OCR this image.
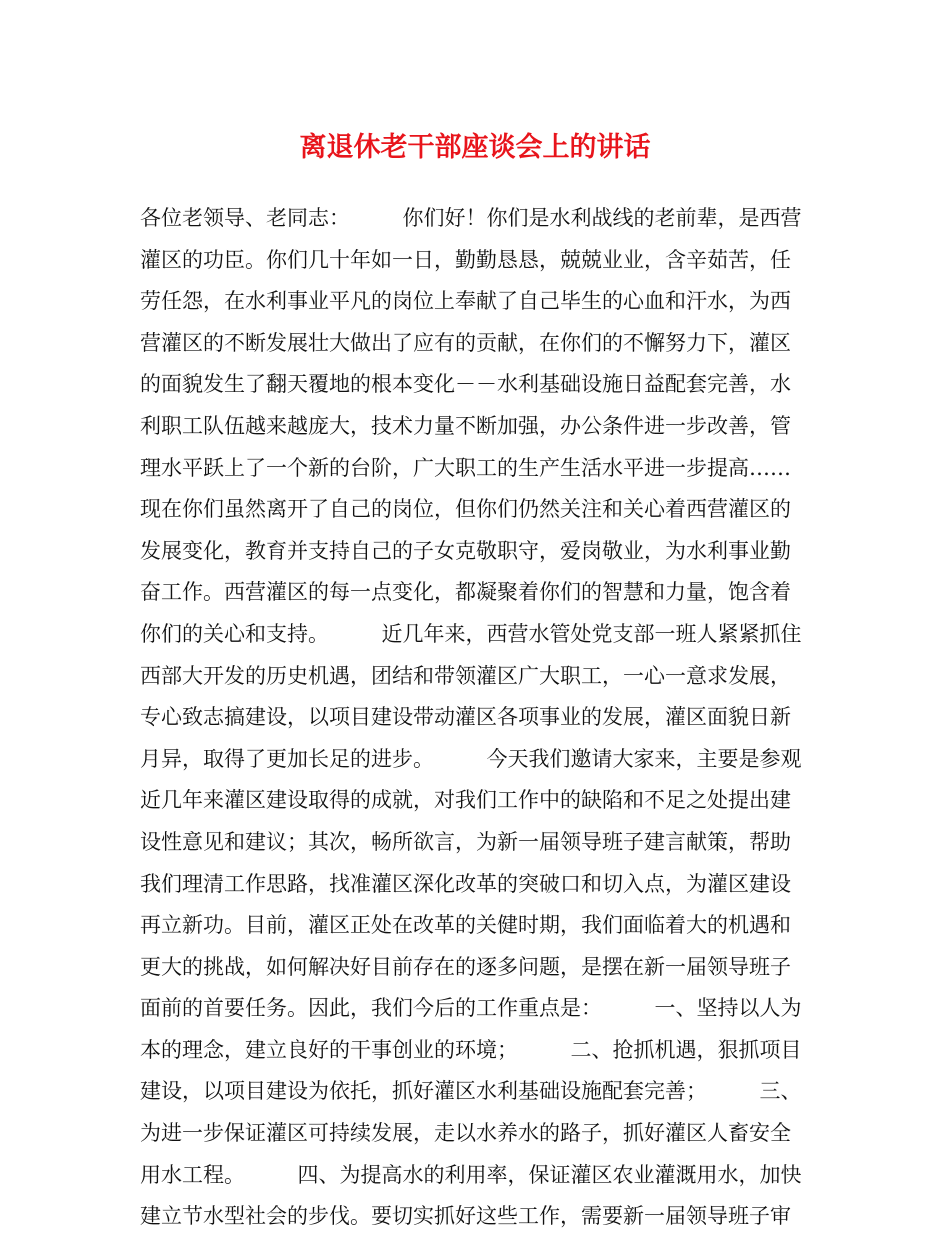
离退休老干部座谈会上的讲话
各位老领导、老同志：　　　你们好！你们是水利战线的老前辈，是西营
灌区的功臣。你们几十年如一日，勤勤恳恳，兢兢业业，含辛茹苦，任
劳任怨，在水利事业平凡的岗位上奉献了自己毕生的心血和汗水，为西
营灌区的不断发展壮大做出了应有的贡献，在你们的不懈努力下，灌区
的面貌发生了翻天覆地的根本变化－－水利基础设施日益配套完善，水
利职工队伍越来越庞大，技术力量不断加强，办公条件进一步改善，管
理水平跃上了一个新的台阶，广大职工的生产生活水平进一步提高……
现在你们虽然离开了自己的岗位，但你们仍然关注和关心着西营灌区的
发展变化，教育并支持自己的子女克敬职守，爱岗敬业，为水利事业勤
奋工作。西营灌区的每一点变化，都凝聚着你们的智慧和力量，饱含着
你们的关心和支持。　　　近几年来，西营水管处党支部一班人紧紧抓住
西部大开发的历史机遇，团结和带领灌区广大职工，一心一意求发展，
专心致志搞建设，以项目建设带动灌区各项事业的发展，灌区面貌日新
月异，取得了更加长足的进步。　　　今天我们邀请大家来，主要是参观
近几年来灌区建设取得的成就，对我们工作中的缺陷和不足之处提出建
设性意见和建议；其次，畅所欲言，为新一届领导班子建言献策，帮助
我们理清工作思路，找准灌区深化改革的突破口和切入点，为灌区建设
再立新功。目前，灌区正处在改革的关健时期，我们面临着大的机遇和
更大的挑战，如何解决好目前存在的逐多问题，是摆在新一届领导班子
面前的首要任务。因此，我们今后的工作重点是：　　　一、坚持以人为
本的理念，建立良好的干事创业的环境；　　　二、抢抓机遇，狠抓项目
建设，以项目建设为依托，抓好灌区水利基础设施配套完善；　　　三、
为进一步保证灌区可持续发展，走以水养水的路子，抓好灌区人畜安全
用水工程。　　　四、为提高水的利用率，保证灌区农业灌溉用水，加快
建立节水型社会的步伐。要切实抓好这些工作，需要新一届领导班子审
